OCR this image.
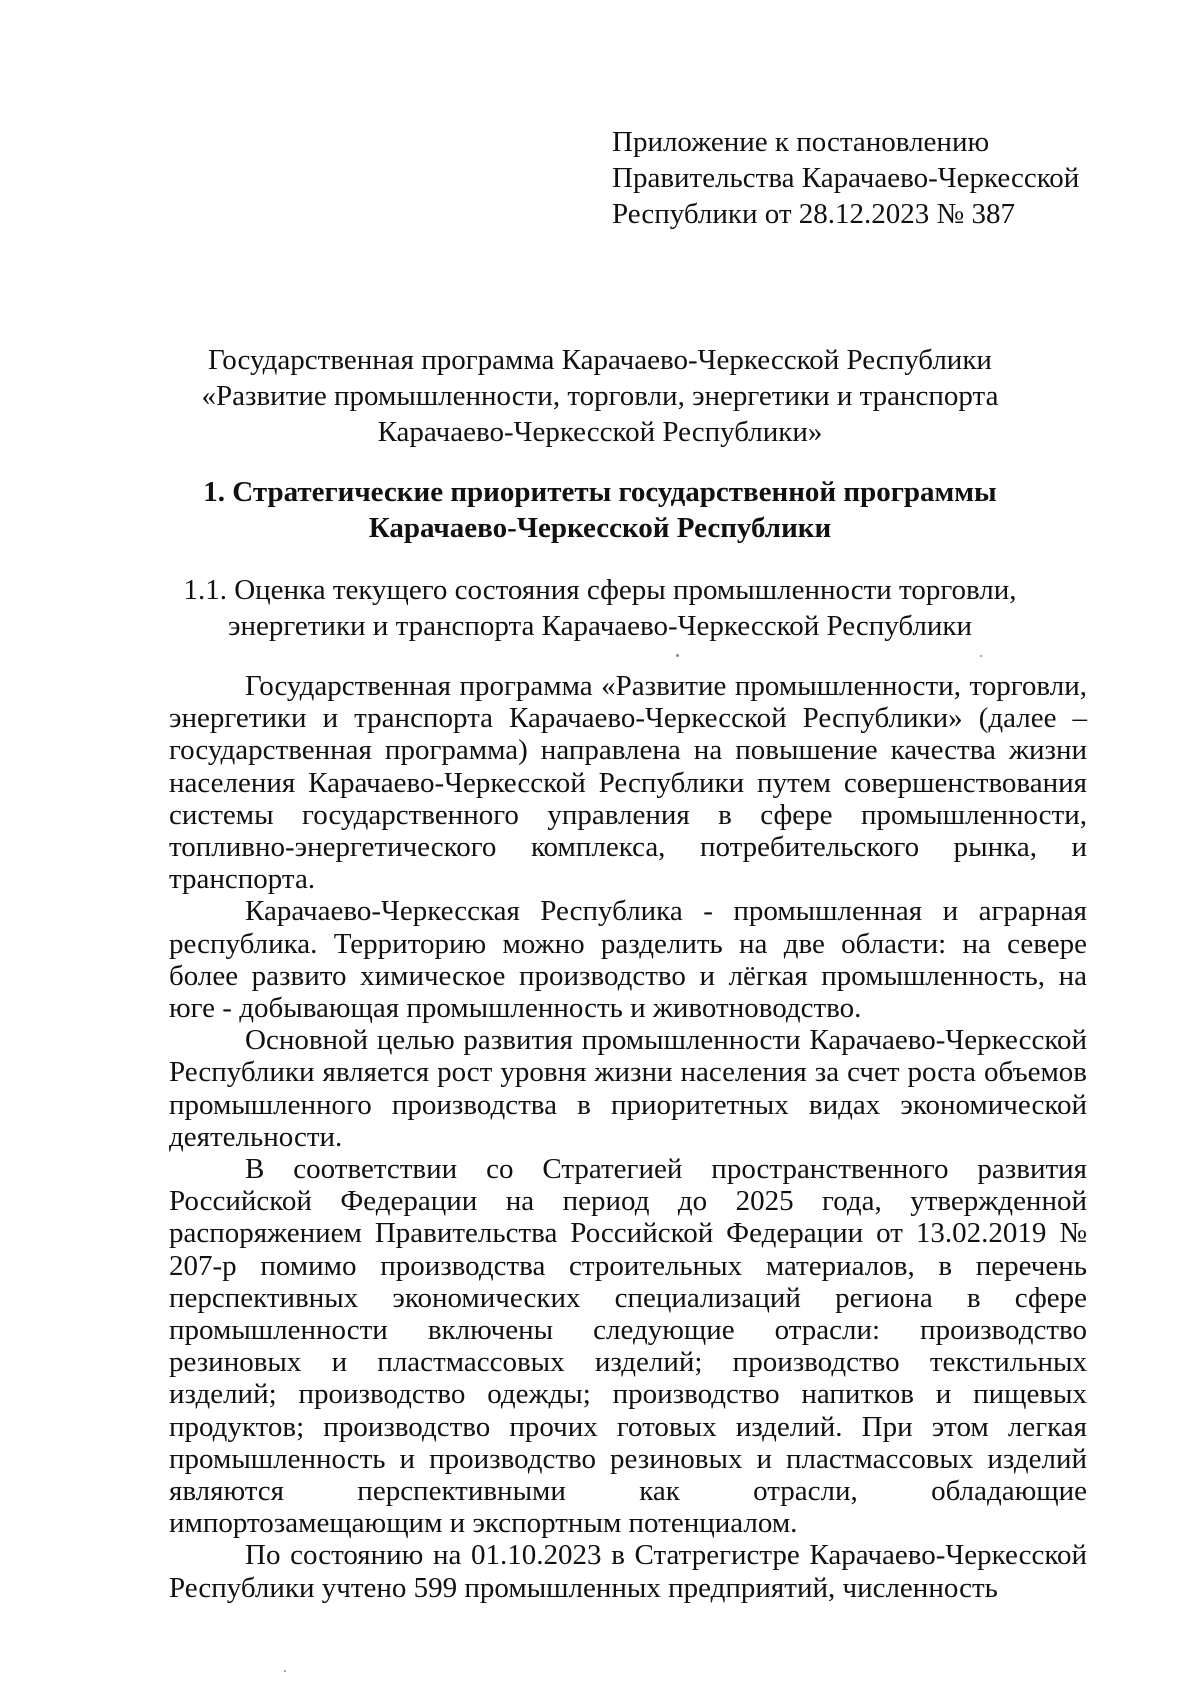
Приложение к постановлению
Правительства Карачаево-Черкесской
Республики от 28.12.2023 № 387
Государственная программа Карачаево-Черкесской Республики
«Развитие промышленности, торговли, энергетики и транспорта
Карачаево-Черкесской Республики»
1. Стратегические приоритеты государственной программы
Карачаево-Черкесской Республики
1.1. Оценка текущего состояния сферы промышленности торговли,
энергетики и транспорта Карачаево-Черкесской Республики

Государственная программа «Развитие промышленности, торговли, энергетики и транспорта Карачаево-Черкесской Республики» (далее – государственная программа) направлена на повышение качества жизни населения Карачаево-Черкесской Республики путем совершенствования системы государственного управления в сфере промышленности, топливно-энергетического комплекса, потребительского рынка, и транспорта.

Карачаево-Черкесская Республика - промышленная и аграрная республика. Территорию можно разделить на две области: на севере более развито химическое производство и лёгкая промышленность, на юге - добывающая промышленность и животноводство.

Основной целью развития промышленности Карачаево-Черкесской Республики является рост уровня жизни населения за счет роста объемов промышленного производства в приоритетных видах экономической деятельности.

В соответствии со Стратегией пространственного развития Российской Федерации на период до 2025 года, утвержденной распоряжением Правительства Российской Федерации от 13.02.2019 № 207-р помимо производства строительных материалов, в перечень перспективных экономических специализаций региона в сфере промышленности включены следующие отрасли: производство резиновых и пластмассовых изделий; производство текстильных изделий; производство одежды; производство напитков и пищевых продуктов; производство прочих готовых изделий. При этом легкая промышленность и производство резиновых и пластмассовых изделий являются перспективными как отрасли, обладающие импортозамещающим и экспортным потенциалом.

По состоянию на 01.10.2023 в Статрегистре Карачаево-Черкесской Республики учтено 599 промышленных предприятий, численность
